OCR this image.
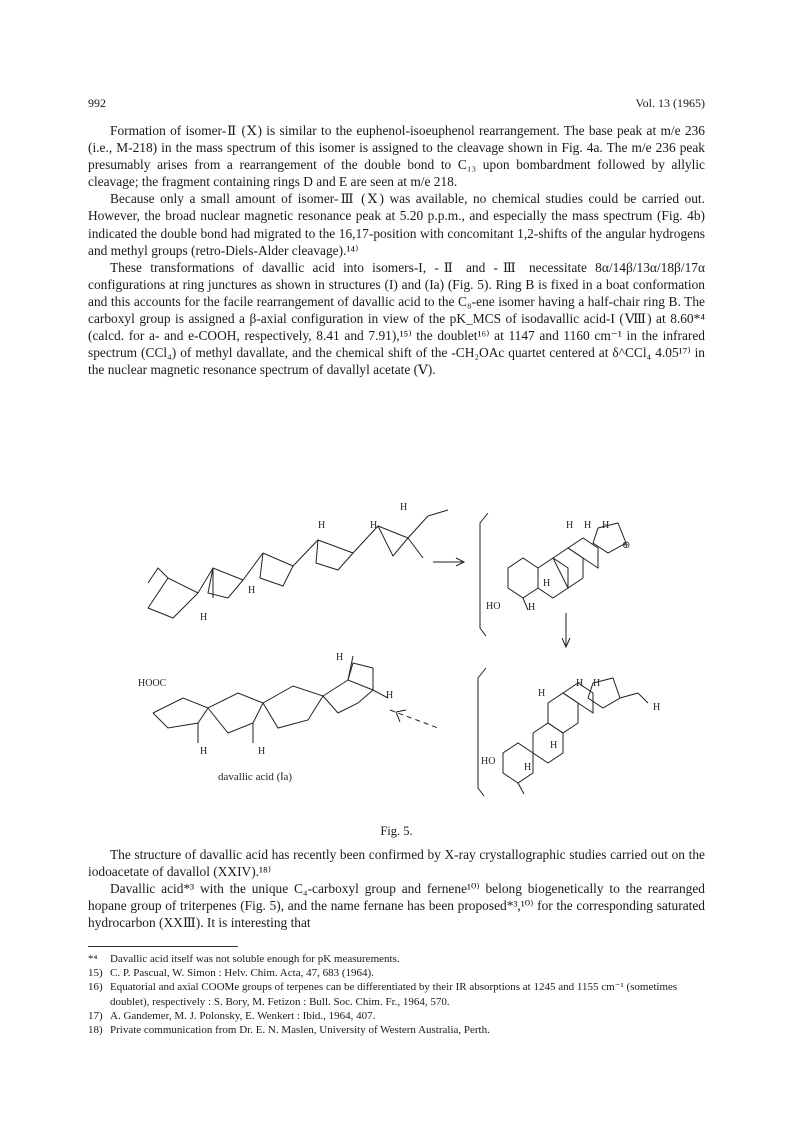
992	Vol. 13 (1965)

Formation of isomer-Ⅱ (Ⅹ) is similar to the euphenol-isoeuphenol rearrangement. The base peak at m/e 236 (i.e., M-218) in the mass spectrum of this isomer is assigned to the cleavage shown in Fig. 4a. The m/e 236 peak presumably arises from a rearrangement of the double bond to C₁₃ upon bombardment followed by allylic cleavage; the fragment containing rings D and E are seen at m/e 218.

Because only a small amount of isomer-Ⅲ (Ⅹ) was available, no chemical studies could be carried out. However, the broad nuclear magnetic resonance peak at 5.20 p.p.m., and especially the mass spectrum (Fig. 4b) indicated the double bond had migrated to the 16,17-position with concomitant 1,2-shifts of the angular hydrogens and methyl groups (retro-Diels-Alder cleavage).¹⁴⁾

These transformations of davallic acid into isomers-I, -Ⅱ and -Ⅲ necessitate 8α/14β/13α/18β/17α configurations at ring junctures as shown in structures (I) and (Ia) (Fig. 5). Ring B is fixed in a boat conformation and this accounts for the facile rearrangement of davallic acid to the C₈-ene isomer having a half-chair ring B. The carboxyl group is assigned a β-axial configuration in view of the pK_MCS of isodavallic acid-I (Ⅷ) at 8.60*⁴ (calcd. for a- and e-COOH, respectively, 8.41 and 7.91),¹⁵⁾ the doublet¹⁶⁾ at 1147 and 1160 cm⁻¹ in the infrared spectrum (CCl₄) of methyl davallate, and the chemical shift of the -CH₂OAc quartet centered at δ^CCl₄ 4.05¹⁷⁾ in the nuclear magnetic resonance spectrum of davallyl acetate (Ⅴ).

H
H	H
H
H
H H H
⊕
H
HO	H
HOOC
H
H
H	H
H
H H
H
H
HO
H
davallic acid (Ⅰa)
Fig. 5.

The structure of davallic acid has recently been confirmed by X-ray crystallographic studies carried out on the iodoacetate of davallol (XXIV).¹⁸⁾

Davallic acid*³ with the unique C₄-carboxyl group and fernene¹⁰⁾ belong biogenetically to the rearranged hopane group of triterpenes (Fig. 5), and the name fernane has been proposed*³,¹⁰⁾ for the corresponding saturated hydrocarbon (XXⅢ). It is interesting that

*⁴ Davallic acid itself was not soluble enough for pK measurements.
15) C. P. Pascual, W. Simon : Helv. Chim. Acta, 47, 683 (1964).
16) Equatorial and axial COOMe groups of terpenes can be differentiated by their IR absorptions at 1245 and 1155 cm⁻¹ (sometimes doublet), respectively : S. Bory, M. Fetizon : Bull. Soc. Chim. Fr., 1964, 570.
17) A. Gandemer, M. J. Polonsky, E. Wenkert : Ibid., 1964, 407.
18) Private communication from Dr. E. N. Maslen, University of Western Australia, Perth.
